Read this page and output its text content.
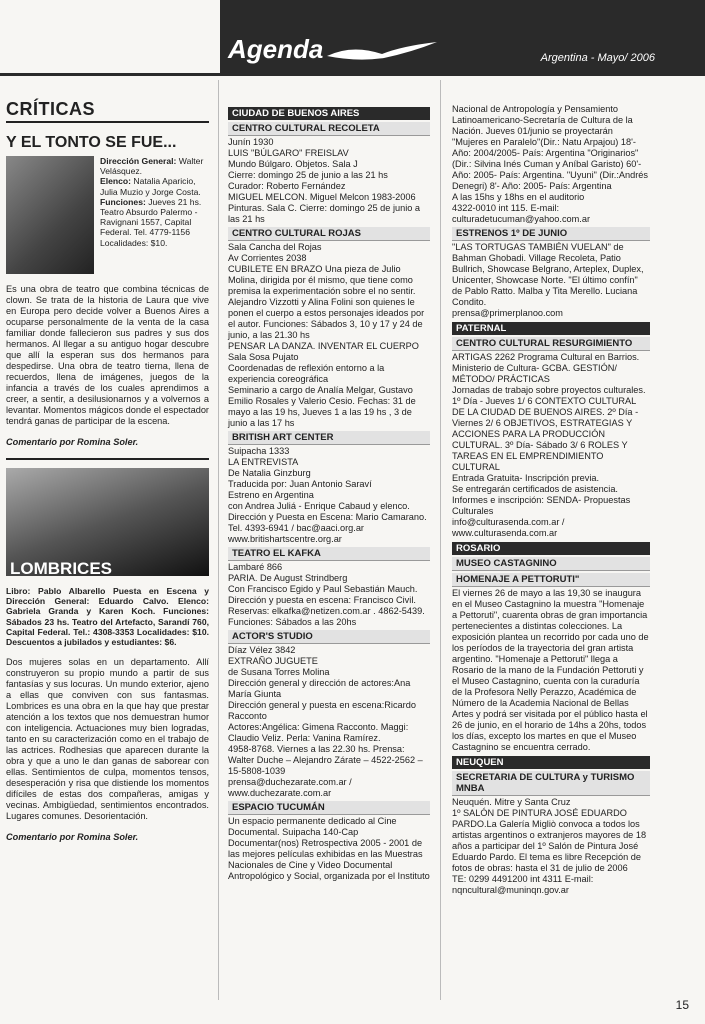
Agenda	Argentina - Mayo/ 2006
CRÍTICAS
Y EL TONTO SE FUE...
Dirección General: Walter Velásquez.
Elenco: Natalia Aparicio, Julia Muzio y Jorge Costa.
Funciones: Jueves 21 hs. Teatro Absurdo Palermo - Ravignani 1557, Capital Federal. Tel. 4779-1156 Localidades: $10.
Es una obra de teatro que combina técnicas de clown. Se trata de la historia de Laura que vive en Europa pero decide volver a Buenos Aires a ocuparse personalmente de la venta de la casa familiar donde fallecieron sus padres y sus dos hermanos. Al llegar a su antiguo hogar descubre que allí la esperan sus dos hermanos para despedirse. Una obra de teatro tierna, llena de recuerdos, llena de imágenes, juegos de la infancia a través de los cuales aprendimos a creer, a sentir, a desilusionarnos y a volvernos a levantar. Momentos mágicos donde el espectador tendrá ganas de participar de la escena.
Comentario por Romina Soler.
LOMBRICES
Libro: Pablo Albarello Puesta en Escena y Dirección General: Eduardo Calvo. Elenco: Gabriela Granda y Karen Koch. Funciones: Sábados 23 hs. Teatro del Artefacto, Sarandí 760, Capital Federal. Tel.: 4308-3353 Localidades: $10. Descuentos a jubilados y estudiantes: $6.
Dos mujeres solas en un departamento. Allí construyeron su propio mundo a partir de sus fantasías y sus locuras. Un mundo exterior, ajeno a ellas que conviven con sus fantasmas. Lombrices es una obra en la que hay que prestar atención a los textos que nos demuestran humor con inteligencia. Actuaciones muy bien logradas, tanto en su caracterización como en el trabajo de las actrices. Rodhesias que aparecen durante la obra y que a uno le dan ganas de saborear con ellas. Sentimientos de culpa, momentos tensos, desesperación y risa que distiende los momentos difíciles de estas dos compañeras, amigas y vecinas. Ambigüedad, sentimientos encontrados. Lugares comunes. Desorientación.
Comentario por Romina Soler.
CIUDAD DE BUENOS AIRES
CENTRO CULTURAL RECOLETA
Junín 1930
LUIS "BÚLGARO" FREISLAV
Mundo Búlgaro. Objetos. Sala J
Cierre: domingo 25 de junio a las 21 hs
Curador: Roberto Fernández
MIGUEL MELCON. Miguel Melcon 1983-2006
Pinturas. Sala C. Cierre: domingo 25 de junio a las 21 hs
CENTRO CULTURAL ROJAS
Sala Cancha del Rojas
Av Corrientes 2038
CUBILETE EN BRAZO Una pieza de Julio Molina, dirigida por él mismo, que tiene como premisa la experimentación sobre el no sentir. Alejandro Vizzotti y Alina Folini son quienes le ponen el cuerpo a estos personajes ideados por el autor. Funciones: Sábados 3, 10 y 17 y 24 de junio, a las 21.30 hs
PENSAR LA DANZA. INVENTAR EL CUERPO Sala Sosa Pujato
Coordenadas de reflexión entorno a la experiencia coreográfica
Seminario a cargo de Analía Melgar, Gustavo Emilio Rosales y Valerio Cesio. Fechas: 31 de mayo a las 19 hs, Jueves 1 a las 19 hs , 3 de junio a las 17 hs
BRITISH ART CENTER
Suipacha 1333
LA ENTREVISTA
De Natalia Ginzburg
Traducida por: Juan Antonio Saraví
Estreno en Argentina
con Andrea Juliá - Enrique Cabaud y elenco. Dirección y Puesta en Escena: Mario Camarano.
Tel. 4393-6941 / bac@aaci.org.ar
www.britishartscentre.org.ar
TEATRO EL KAFKA
Lambaré 866
PARIA. De August Strindberg
Con Francisco Egido y Paul Sebastián Mauch. Dirección y puesta en escena: Francisco Civil.
Reservas: elkafka@netizen.com.ar . 4862-5439. Funciones: Sábados a las 20hs
ACTOR'S STUDIO
Díaz Vélez 3842
EXTRAÑO JUGUETE
de Susana Torres Molina
Dirección general y dirección de actores:Ana María Giunta
Dirección general y puesta en escena:Ricardo Racconto
Actores:Angélica: Gimena Racconto. Maggi: Claudio Veliz. Perla: Vanina Ramírez.
4958-8768. Viernes a las 22.30 hs. Prensa: Walter Duche – Alejandro Zárate – 4522-2562 – 15-5808-1039
prensa@duchezarate.com.ar /
www.duchezarate.com.ar
ESPACIO TUCUMÁN
Un espacio permanente dedicado al Cine Documental. Suipacha 140-Cap Documentar(nos) Retrospectiva 2005 - 2001 de las mejores películas exhibidas en las Muestras Nacionales de Cine y Video Documental Antropológico y Social, organizada por el Instituto
Nacional de Antropología y Pensamiento Latinoamericano-Secretaría de Cultura de la Nación. Jueves 01/junio se proyectarán "Mujeres en Paralelo"(Dir.: Natu Arpajou) 18'- Año: 2004/2005- País: Argentina "Originarios" (Dir.: Silvina Inés Cuman y Aníbal Garisto) 60'-Año: 2005- País: Argentina. "Uyuni" (Dir.:Andrés Denegri) 8'- Año: 2005- País: Argentina
A las 15hs y 18hs en el auditorio
4322-0010 int 115. E-mail:
culturadetucuman@yahoo.com.ar
ESTRENOS 1º DE JUNIO
"LAS TORTUGAS TAMBIÉN VUELAN" de Bahman Ghobadi. Village Recoleta, Patio Bullrich, Showcase Belgrano, Arteplex, Duplex, Unicenter, Showcase Norte. "El último confín" de Pablo Ratto. Malba y Tita Merello. Luciana Condito.
prensa@primerplanoo.com
PATERNAL
CENTRO CULTURAL RESURGIMIENTO
ARTIGAS 2262 Programa Cultural en Barrios. Ministerio de Cultura- GCBA. GESTIÓN/ MÉTODO/ PRÁCTICAS
Jornadas de trabajo sobre proyectos culturales. 1º Día - Jueves 1/ 6 CONTEXTO CULTURAL DE LA CIUDAD DE BUENOS AIRES. 2º Día - Viernes 2/ 6 OBJETIVOS, ESTRATEGIAS Y ACCIONES PARA LA PRODUCCIÓN CULTURAL. 3º Día- Sábado 3/ 6 ROLES Y TAREAS EN EL EMPRENDIMIENTO CULTURAL
Entrada Gratuita- Inscripción previa.
Se entregarán certificados de asistencia.
Informes e inscripción: SENDA- Propuestas Culturales
info@culturasenda.com.ar /
www.culturasenda.com.ar
ROSARIO
MUSEO CASTAGNINO
HOMENAJE A PETTORUTI"
El viernes 26 de mayo a las 19,30 se inaugura en el Museo Castagnino la muestra "Homenaje a Pettoruti", cuarenta obras de gran importancia pertenecientes a distintas colecciones. La exposición plantea un recorrido por cada uno de los períodos de la trayectoria del gran artista argentino. "Homenaje a Pettoruti" llega a Rosario de la mano de la Fundación Pettoruti y el Museo Castagnino, cuenta con la curaduría de la Profesora Nelly Perazzo, Académica de Número de la Academia Nacional de Bellas Artes y podrá ser visitada por el público hasta el 26 de junio, en el horario de 14hs a 20hs, todos los días, excepto los martes en que el Museo Castagnino se encuentra cerrado.
NEUQUEN
SECRETARIA DE CULTURA y TURISMO MNBA
Neuquén. Mitre y Santa Cruz
1º SALÓN DE PINTURA JOSÉ EDUARDO PARDO.La Galería Migliò convoca a todos los artistas argentinos o extranjeros mayores de 18 años a participar del 1º Salón de Pintura José Eduardo Pardo. El tema es libre Recepción de fotos de obras: hasta el 31 de julio de 2006
TE: 0299 4491200 int 4311 E-mail:
nqncultural@muninqn.gov.ar
15
